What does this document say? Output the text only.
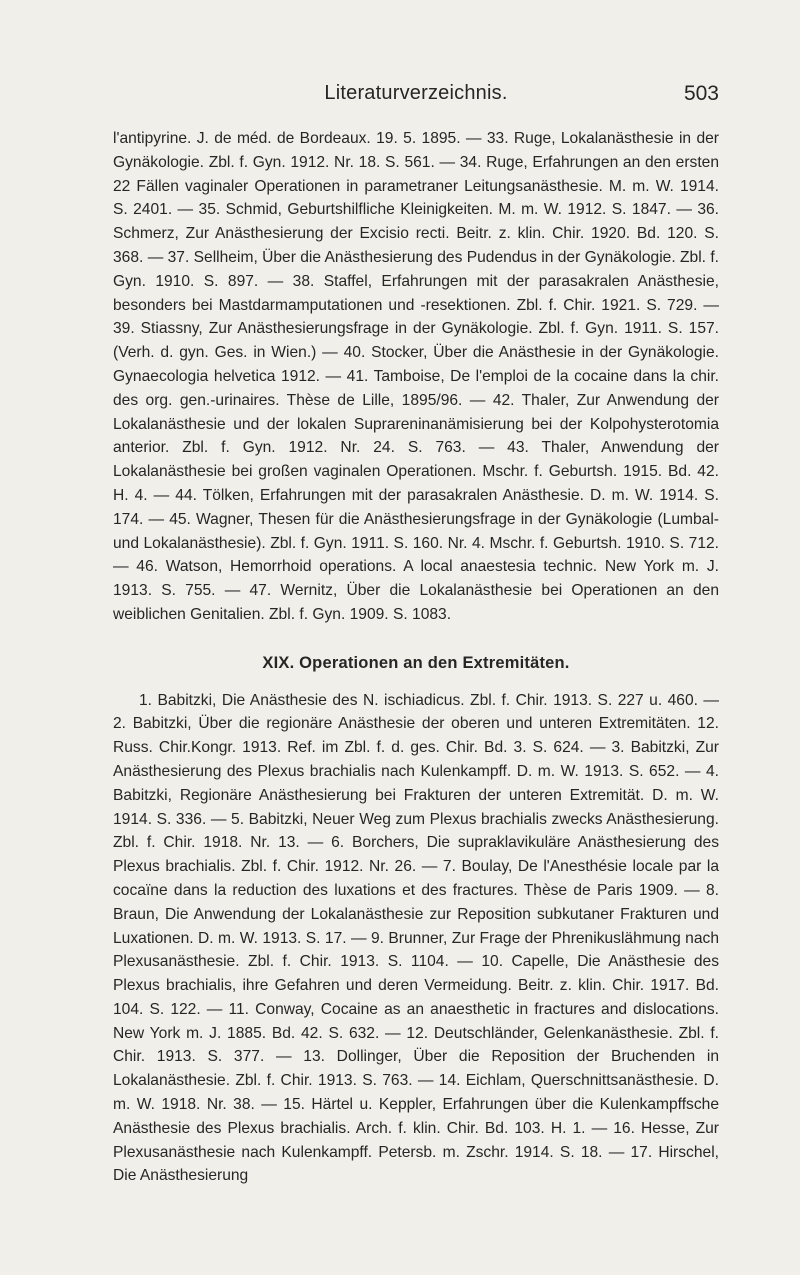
Literaturverzeichnis.	503

l'antipyrine. J. de méd. de Bordeaux. 19. 5. 1895. — 33. Ruge, Lokalanästhesie in der Gynäkologie. Zbl. f. Gyn. 1912. Nr. 18. S. 561. — 34. Ruge, Erfahrungen an den ersten 22 Fällen vaginaler Operationen in parametraner Leitungsanästhesie. M. m. W. 1914. S. 2401. — 35. Schmid, Geburtshilfliche Kleinigkeiten. M. m. W. 1912. S. 1847. — 36. Schmerz, Zur Anästhesierung der Excisio recti. Beitr. z. klin. Chir. 1920. Bd. 120. S. 368. — 37. Sellheim, Über die Anästhesierung des Pudendus in der Gynäkologie. Zbl. f. Gyn. 1910. S. 897. — 38. Staffel, Erfahrungen mit der parasakralen Anästhesie, besonders bei Mastdarmamputationen und -resektionen. Zbl. f. Chir. 1921. S. 729. — 39. Stiassny, Zur Anästhesierungsfrage in der Gynäkologie. Zbl. f. Gyn. 1911. S. 157. (Verh. d. gyn. Ges. in Wien.) — 40. Stocker, Über die Anästhesie in der Gynäkologie. Gynaecologia helvetica 1912. — 41. Tamboise, De l'emploi de la cocaine dans la chir. des org. gen.-urinaires. Thèse de Lille, 1895/96. — 42. Thaler, Zur Anwendung der Lokalanästhesie und der lokalen Suprareninanämisierung bei der Kolpohysterotomia anterior. Zbl. f. Gyn. 1912. Nr. 24. S. 763. — 43. Thaler, Anwendung der Lokalanästhesie bei großen vaginalen Operationen. Mschr. f. Geburtsh. 1915. Bd. 42. H. 4. — 44. Tölken, Erfahrungen mit der parasakralen Anästhesie. D. m. W. 1914. S. 174. — 45. Wagner, Thesen für die Anästhesierungsfrage in der Gynäkologie (Lumbal- und Lokalanästhesie). Zbl. f. Gyn. 1911. S. 160. Nr. 4. Mschr. f. Geburtsh. 1910. S. 712. — 46. Watson, Hemorrhoid operations. A local anaestesia technic. New York m. J. 1913. S. 755. — 47. Wernitz, Über die Lokalanästhesie bei Operationen an den weiblichen Genitalien. Zbl. f. Gyn. 1909. S. 1083.

XIX. Operationen an den Extremitäten.

1. Babitzki, Die Anästhesie des N. ischiadicus. Zbl. f. Chir. 1913. S. 227 u. 460. — 2. Babitzki, Über die regionäre Anästhesie der oberen und unteren Extremitäten. 12. Russ. Chir.Kongr. 1913. Ref. im Zbl. f. d. ges. Chir. Bd. 3. S. 624. — 3. Babitzki, Zur Anästhesierung des Plexus brachialis nach Kulenkampff. D. m. W. 1913. S. 652. — 4. Babitzki, Regionäre Anästhesierung bei Frakturen der unteren Extremität. D. m. W. 1914. S. 336. — 5. Babitzki, Neuer Weg zum Plexus brachialis zwecks Anästhesierung. Zbl. f. Chir. 1918. Nr. 13. — 6. Borchers, Die supraklavikuläre Anästhesierung des Plexus brachialis. Zbl. f. Chir. 1912. Nr. 26. — 7. Boulay, De l'Anesthésie locale par la cocaïne dans la reduction des luxations et des fractures. Thèse de Paris 1909. — 8. Braun, Die Anwendung der Lokalanästhesie zur Reposition subkutaner Frakturen und Luxationen. D. m. W. 1913. S. 17. — 9. Brunner, Zur Frage der Phrenikuslähmung nach Plexusanästhesie. Zbl. f. Chir. 1913. S. 1104. — 10. Capelle, Die Anästhesie des Plexus brachialis, ihre Gefahren und deren Vermeidung. Beitr. z. klin. Chir. 1917. Bd. 104. S. 122. — 11. Conway, Cocaine as an anaesthetic in fractures and dislocations. New York m. J. 1885. Bd. 42. S. 632. — 12. Deutschländer, Gelenkanästhesie. Zbl. f. Chir. 1913. S. 377. — 13. Dollinger, Über die Reposition der Bruchenden in Lokalanästhesie. Zbl. f. Chir. 1913. S. 763. — 14. Eichlam, Querschnittsanästhesie. D. m. W. 1918. Nr. 38. — 15. Härtel u. Keppler, Erfahrungen über die Kulenkampffsche Anästhesie des Plexus brachialis. Arch. f. klin. Chir. Bd. 103. H. 1. — 16. Hesse, Zur Plexusanästhesie nach Kulenkampff. Petersb. m. Zschr. 1914. S. 18. — 17. Hirschel, Die Anästhesierung
